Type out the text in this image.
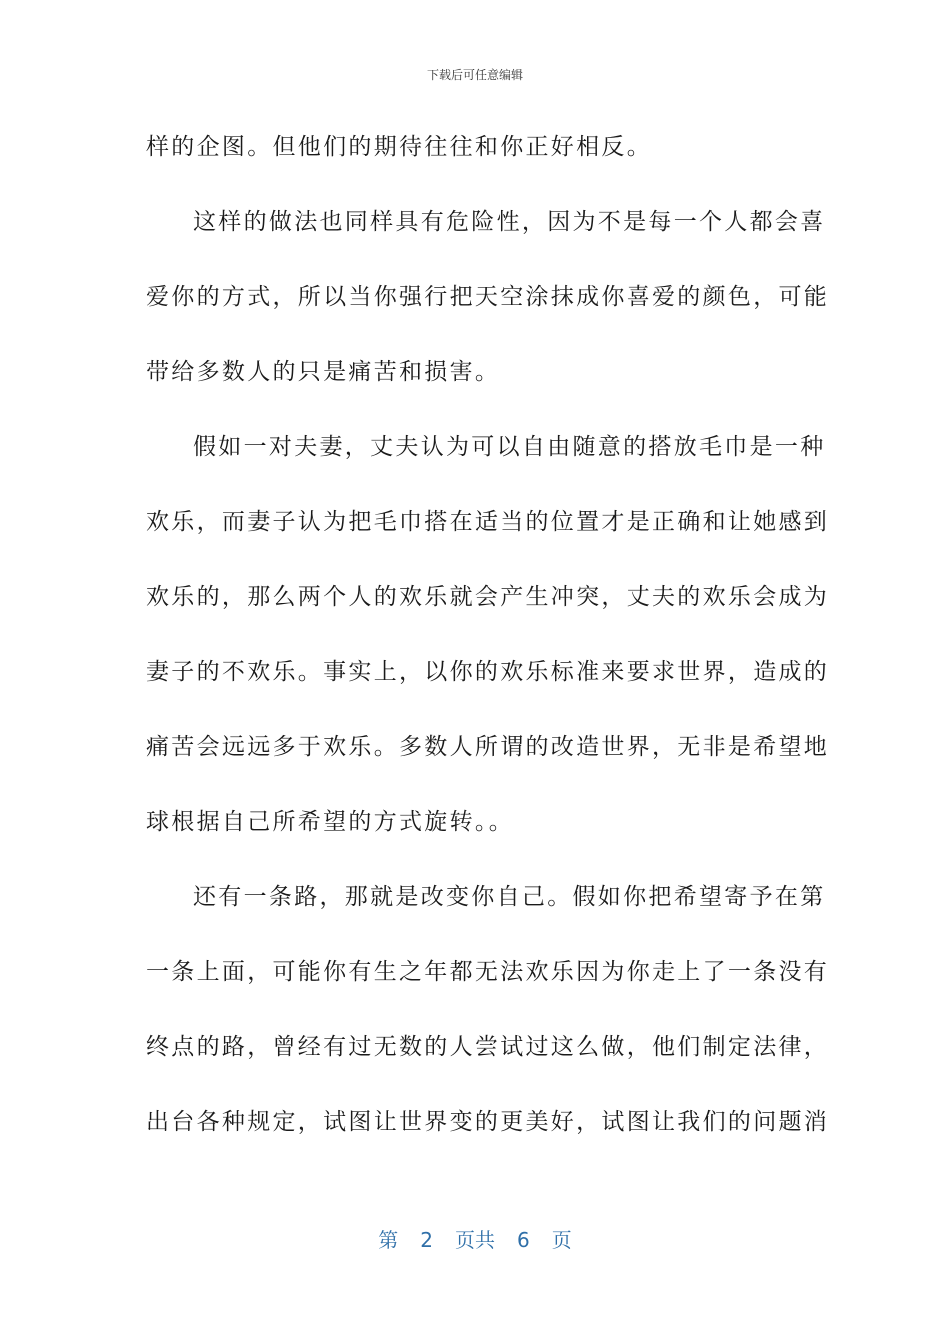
下载后可任意编辑
样的企图。但他们的期待往往和你正好相反。
这样的做法也同样具有危险性，因为不是每一个人都会喜
爱你的方式，所以当你强行把天空涂抹成你喜爱的颜色，可能
带给多数人的只是痛苦和损害。
假如一对夫妻，丈夫认为可以自由随意的搭放毛巾是一种
欢乐，而妻子认为把毛巾搭在适当的位置才是正确和让她感到
欢乐的，那么两个人的欢乐就会产生冲突，丈夫的欢乐会成为
妻子的不欢乐。事实上，以你的欢乐标准来要求世界，造成的
痛苦会远远多于欢乐。多数人所谓的改造世界，无非是希望地
球根据自己所希望的方式旋转。。
还有一条路，那就是改变你自己。假如你把希望寄予在第
一条上面，可能你有生之年都无法欢乐因为你走上了一条没有
终点的路，曾经有过无数的人尝试过这么做，他们制定法律，
出台各种规定，试图让世界变的更美好，试图让我们的问题消
第 2 页共 6 页
